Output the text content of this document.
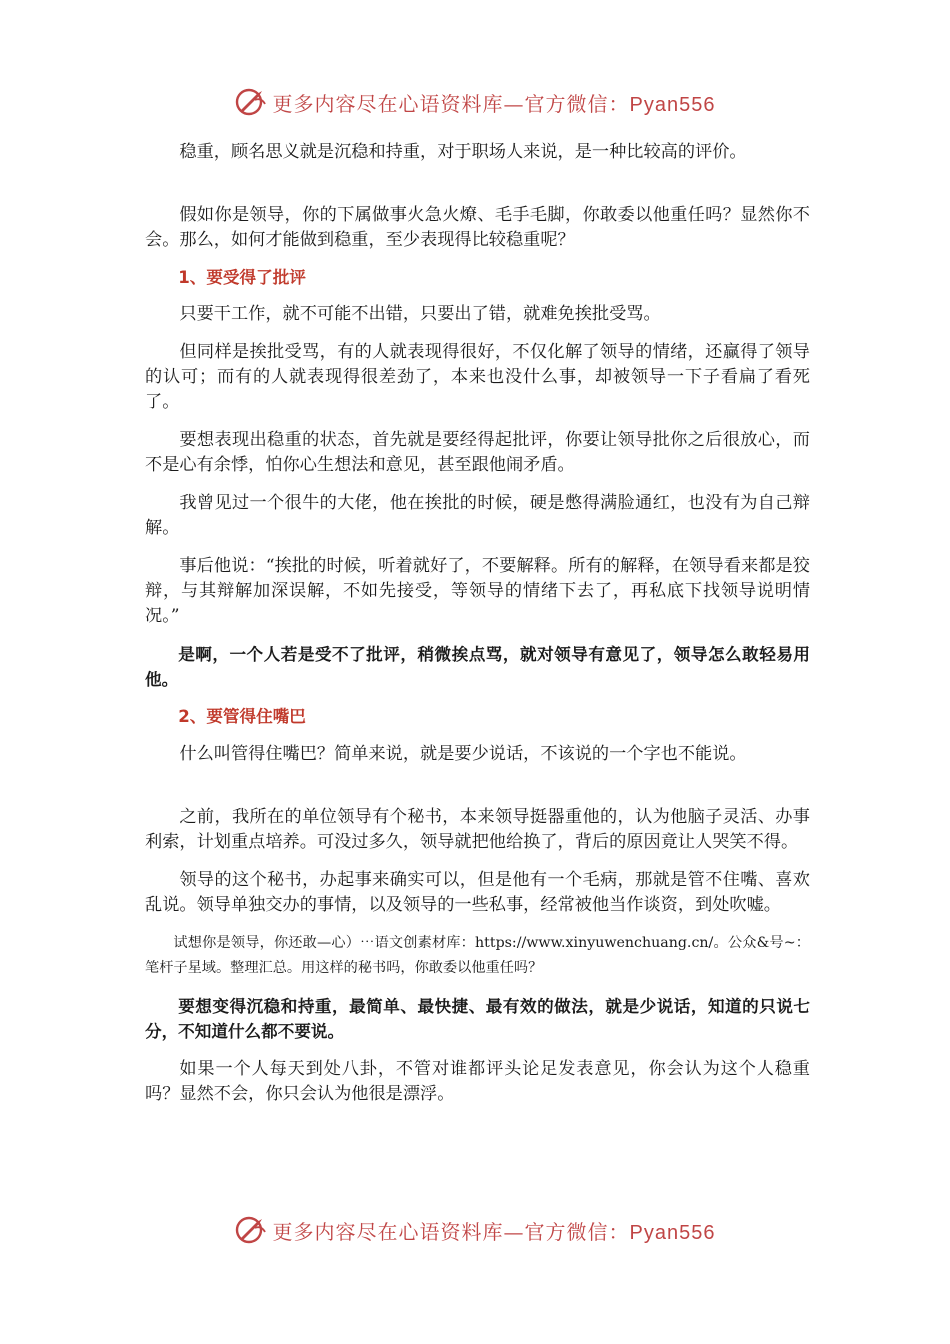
更多内容尽在心语资料库—官方微信：Pyan556

稳重，顾名思义就是沉稳和持重，对于职场人来说，是一种比较高的评价。

假如你是领导，你的下属做事火急火燎、毛手毛脚，你敢委以他重任吗？显然你不会。那么，如何才能做到稳重，至少表现得比较稳重呢？

1、要受得了批评

只要干工作，就不可能不出错，只要出了错，就难免挨批受骂。

但同样是挨批受骂，有的人就表现得很好，不仅化解了领导的情绪，还赢得了领导的认可；而有的人就表现得很差劲了，本来也没什么事，却被领导一下子看扁了看死了。

要想表现出稳重的状态，首先就是要经得起批评，你要让领导批你之后很放心，而不是心有余悸，怕你心生想法和意见，甚至跟他闹矛盾。

我曾见过一个很牛的大佬，他在挨批的时候，硬是憋得满脸通红，也没有为自己辩解。

事后他说：“挨批的时候，听着就好了，不要解释。所有的解释，在领导看来都是狡辩，与其辩解加深误解，不如先接受，等领导的情绪下去了，再私底下找领导说明情况。”

是啊，一个人若是受不了批评，稍微挨点骂，就对领导有意见了，领导怎么敢轻易用他。

2、要管得住嘴巴

什么叫管得住嘴巴？简单来说，就是要少说话，不该说的一个字也不能说。

之前，我所在的单位领导有个秘书，本来领导挺器重他的，认为他脑子灵活、办事利索，计划重点培养。可没过多久，领导就把他给换了，背后的原因竟让人哭笑不得。

领导的这个秘书，办起事来确实可以，但是他有一个毛病，那就是管不住嘴、喜欢乱说。领导单独交办的事情，以及领导的一些私事，经常被他当作谈资，到处吹嘘。

试想你是领导，你还敢—心）⋯语文创素材库：https://www.xinyuwenchuang.cn/。公众&号~：笔杆子星域。整理汇总。用这样的秘书吗，你敢委以他重任吗？

要想变得沉稳和持重，最简单、最快捷、最有效的做法，就是少说话，知道的只说七分，不知道什么都不要说。

如果一个人每天到处八卦，不管对谁都评头论足发表意见，你会认为这个人稳重吗？显然不会，你只会认为他很是漂浮。

更多内容尽在心语资料库—官方微信：Pyan556
